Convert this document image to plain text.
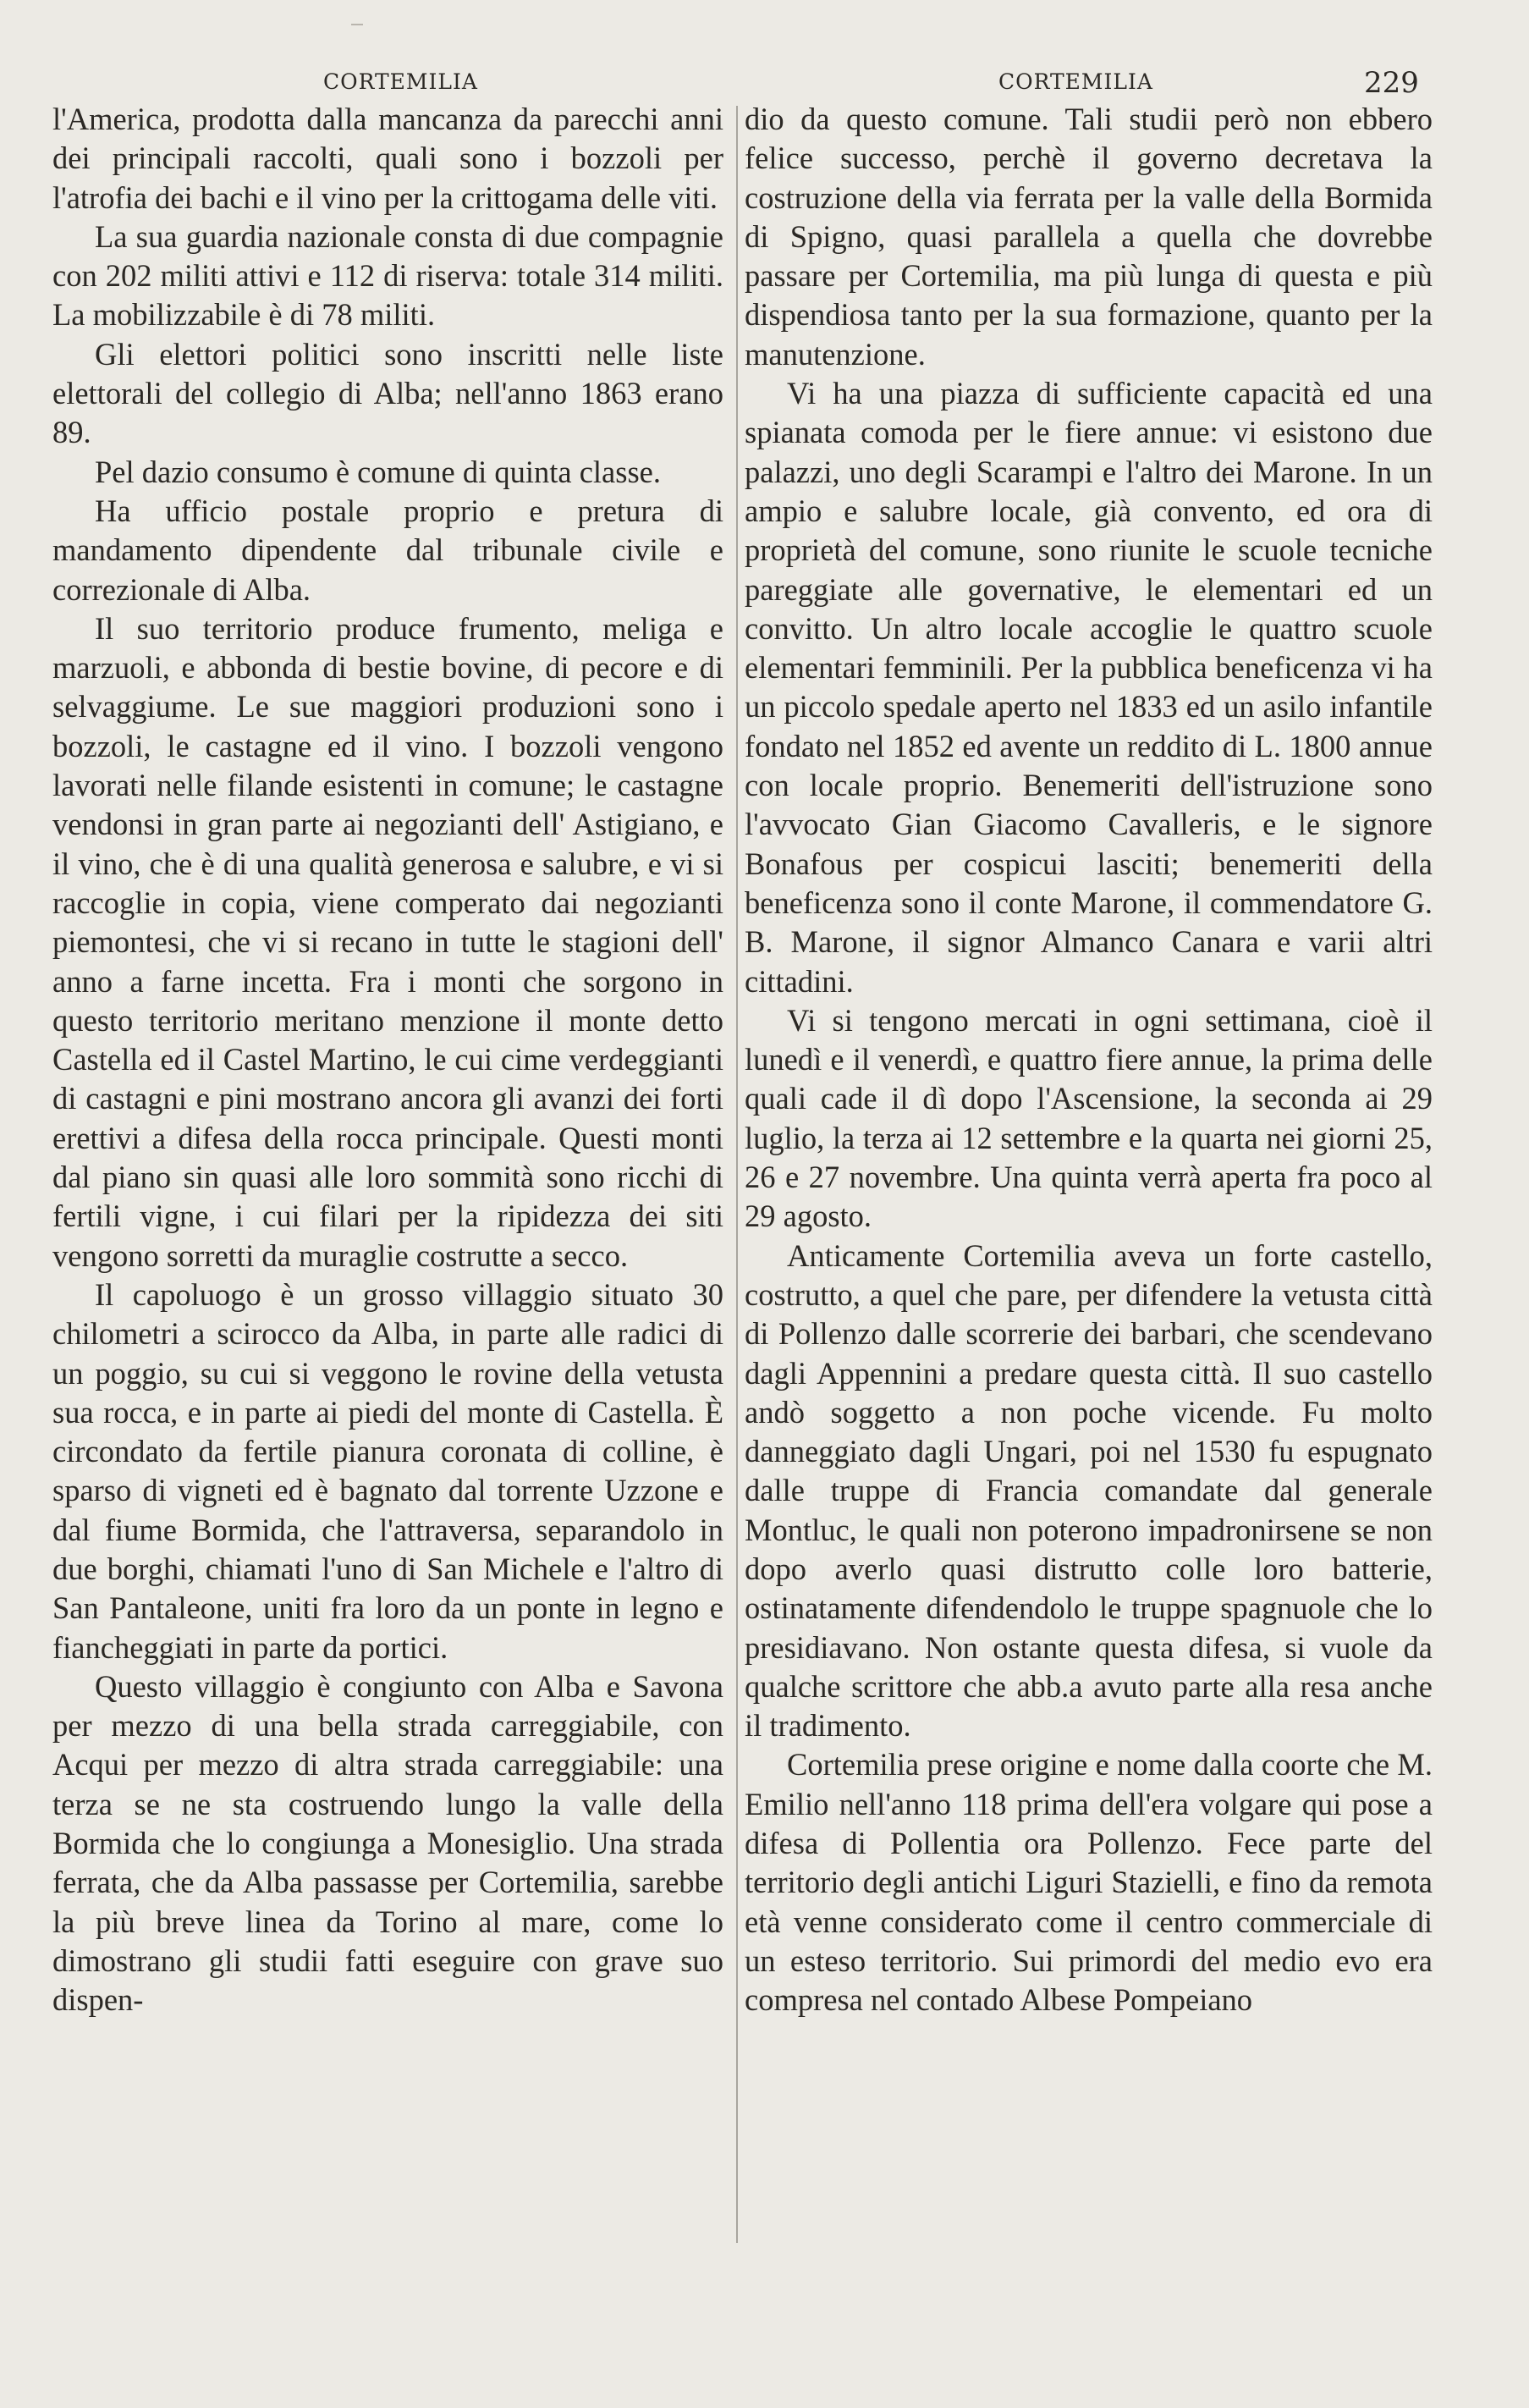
CORTEMILIA	CORTEMILIA	229

l'America, prodotta dalla mancanza da parecchi anni dei principali raccolti, quali sono i bozzoli per l'atrofia dei bachi e il vino per la crittogama delle viti.

La sua guardia nazionale consta di due compagnie con 202 militi attivi e 112 di riserva: totale 314 militi. La mobilizzabile è di 78 militi.

Gli elettori politici sono inscritti nelle liste elettorali del collegio di Alba; nell'anno 1863 erano 89.

Pel dazio consumo è comune di quinta classe.

Ha ufficio postale proprio e pretura di mandamento dipendente dal tribunale civile e correzionale di Alba.

Il suo territorio produce frumento, meliga e marzuoli, e abbonda di bestie bovine, di pecore e di selvaggiume. Le sue maggiori produzioni sono i bozzoli, le castagne ed il vino. I bozzoli vengono lavorati nelle filande esistenti in comune; le castagne vendonsi in gran parte ai negozianti dell' Astigiano, e il vino, che è di una qualità generosa e salubre, e vi si raccoglie in copia, viene comperato dai negozianti piemontesi, che vi si recano in tutte le stagioni dell' anno a farne incetta. Fra i monti che sorgono in questo territorio meritano menzione il monte detto Castella ed il Castel Martino, le cui cime verdeggianti di castagni e pini mostrano ancora gli avanzi dei forti erettivi a difesa della rocca principale. Questi monti dal piano sin quasi alle loro sommità sono ricchi di fertili vigne, i cui filari per la ripidezza dei siti vengono sorretti da muraglie costrutte a secco.

Il capoluogo è un grosso villaggio situato 30 chilometri a scirocco da Alba, in parte alle radici di un poggio, su cui si veggono le rovine della vetusta sua rocca, e in parte ai piedi del monte di Castella. È circondato da fertile pianura coronata di colline, è sparso di vigneti ed è bagnato dal torrente Uzzone e dal fiume Bormida, che l'attraversa, separandolo in due borghi, chiamati l'uno di San Michele e l'altro di San Pantaleone, uniti fra loro da un ponte in legno e fiancheggiati in parte da portici.

Questo villaggio è congiunto con Alba e Savona per mezzo di una bella strada carreggiabile, con Acqui per mezzo di altra strada carreggiabile: una terza se ne sta costruendo lungo la valle della Bormida che lo congiunga a Monesiglio. Una strada ferrata, che da Alba passasse per Cortemilia, sarebbe la più breve linea da Torino al mare, come lo dimostrano gli studii fatti eseguire con grave suo dispen-

dio da questo comune. Tali studii però non ebbero felice successo, perchè il governo decretava la costruzione della via ferrata per la valle della Bormida di Spigno, quasi parallela a quella che dovrebbe passare per Cortemilia, ma più lunga di questa e più dispendiosa tanto per la sua formazione, quanto per la manutenzione.

Vi ha una piazza di sufficiente capacità ed una spianata comoda per le fiere annue: vi esistono due palazzi, uno degli Scarampi e l'altro dei Marone. In un ampio e salubre locale, già convento, ed ora di proprietà del comune, sono riunite le scuole tecniche pareggiate alle governative, le elementari ed un convitto. Un altro locale accoglie le quattro scuole elementari femminili. Per la pubblica beneficenza vi ha un piccolo spedale aperto nel 1833 ed un asilo infantile fondato nel 1852 ed avente un reddito di L. 1800 annue con locale proprio. Benemeriti dell'istruzione sono l'avvocato Gian Giacomo Cavalleris, e le signore Bonafous per cospicui lasciti; benemeriti della beneficenza sono il conte Marone, il commendatore G. B. Marone, il signor Almanco Canara e varii altri cittadini.

Vi si tengono mercati in ogni settimana, cioè il lunedì e il venerdì, e quattro fiere annue, la prima delle quali cade il dì dopo l'Ascensione, la seconda ai 29 luglio, la terza ai 12 settembre e la quarta nei giorni 25, 26 e 27 novembre. Una quinta verrà aperta fra poco al 29 agosto.

Anticamente Cortemilia aveva un forte castello, costrutto, a quel che pare, per difendere la vetusta città di Pollenzo dalle scorrerie dei barbari, che scendevano dagli Appennini a predare questa città. Il suo castello andò soggetto a non poche vicende. Fu molto danneggiato dagli Ungari, poi nel 1530 fu espugnato dalle truppe di Francia comandate dal generale Montluc, le quali non poterono impadronirsene se non dopo averlo quasi distrutto colle loro batterie, ostinatamente difendendolo le truppe spagnuole che lo presidiavano. Non ostante questa difesa, si vuole da qualche scrittore che abb.a avuto parte alla resa anche il tradimento.

Cortemilia prese origine e nome dalla coorte che M. Emilio nell'anno 118 prima dell'era volgare qui pose a difesa di Pollentia ora Pollenzo. Fece parte del territorio degli antichi Liguri Stazielli, e fino da remota età venne considerato come il centro commerciale di un esteso territorio. Sui primordi del medio evo era compresa nel contado Albese Pompeiano
